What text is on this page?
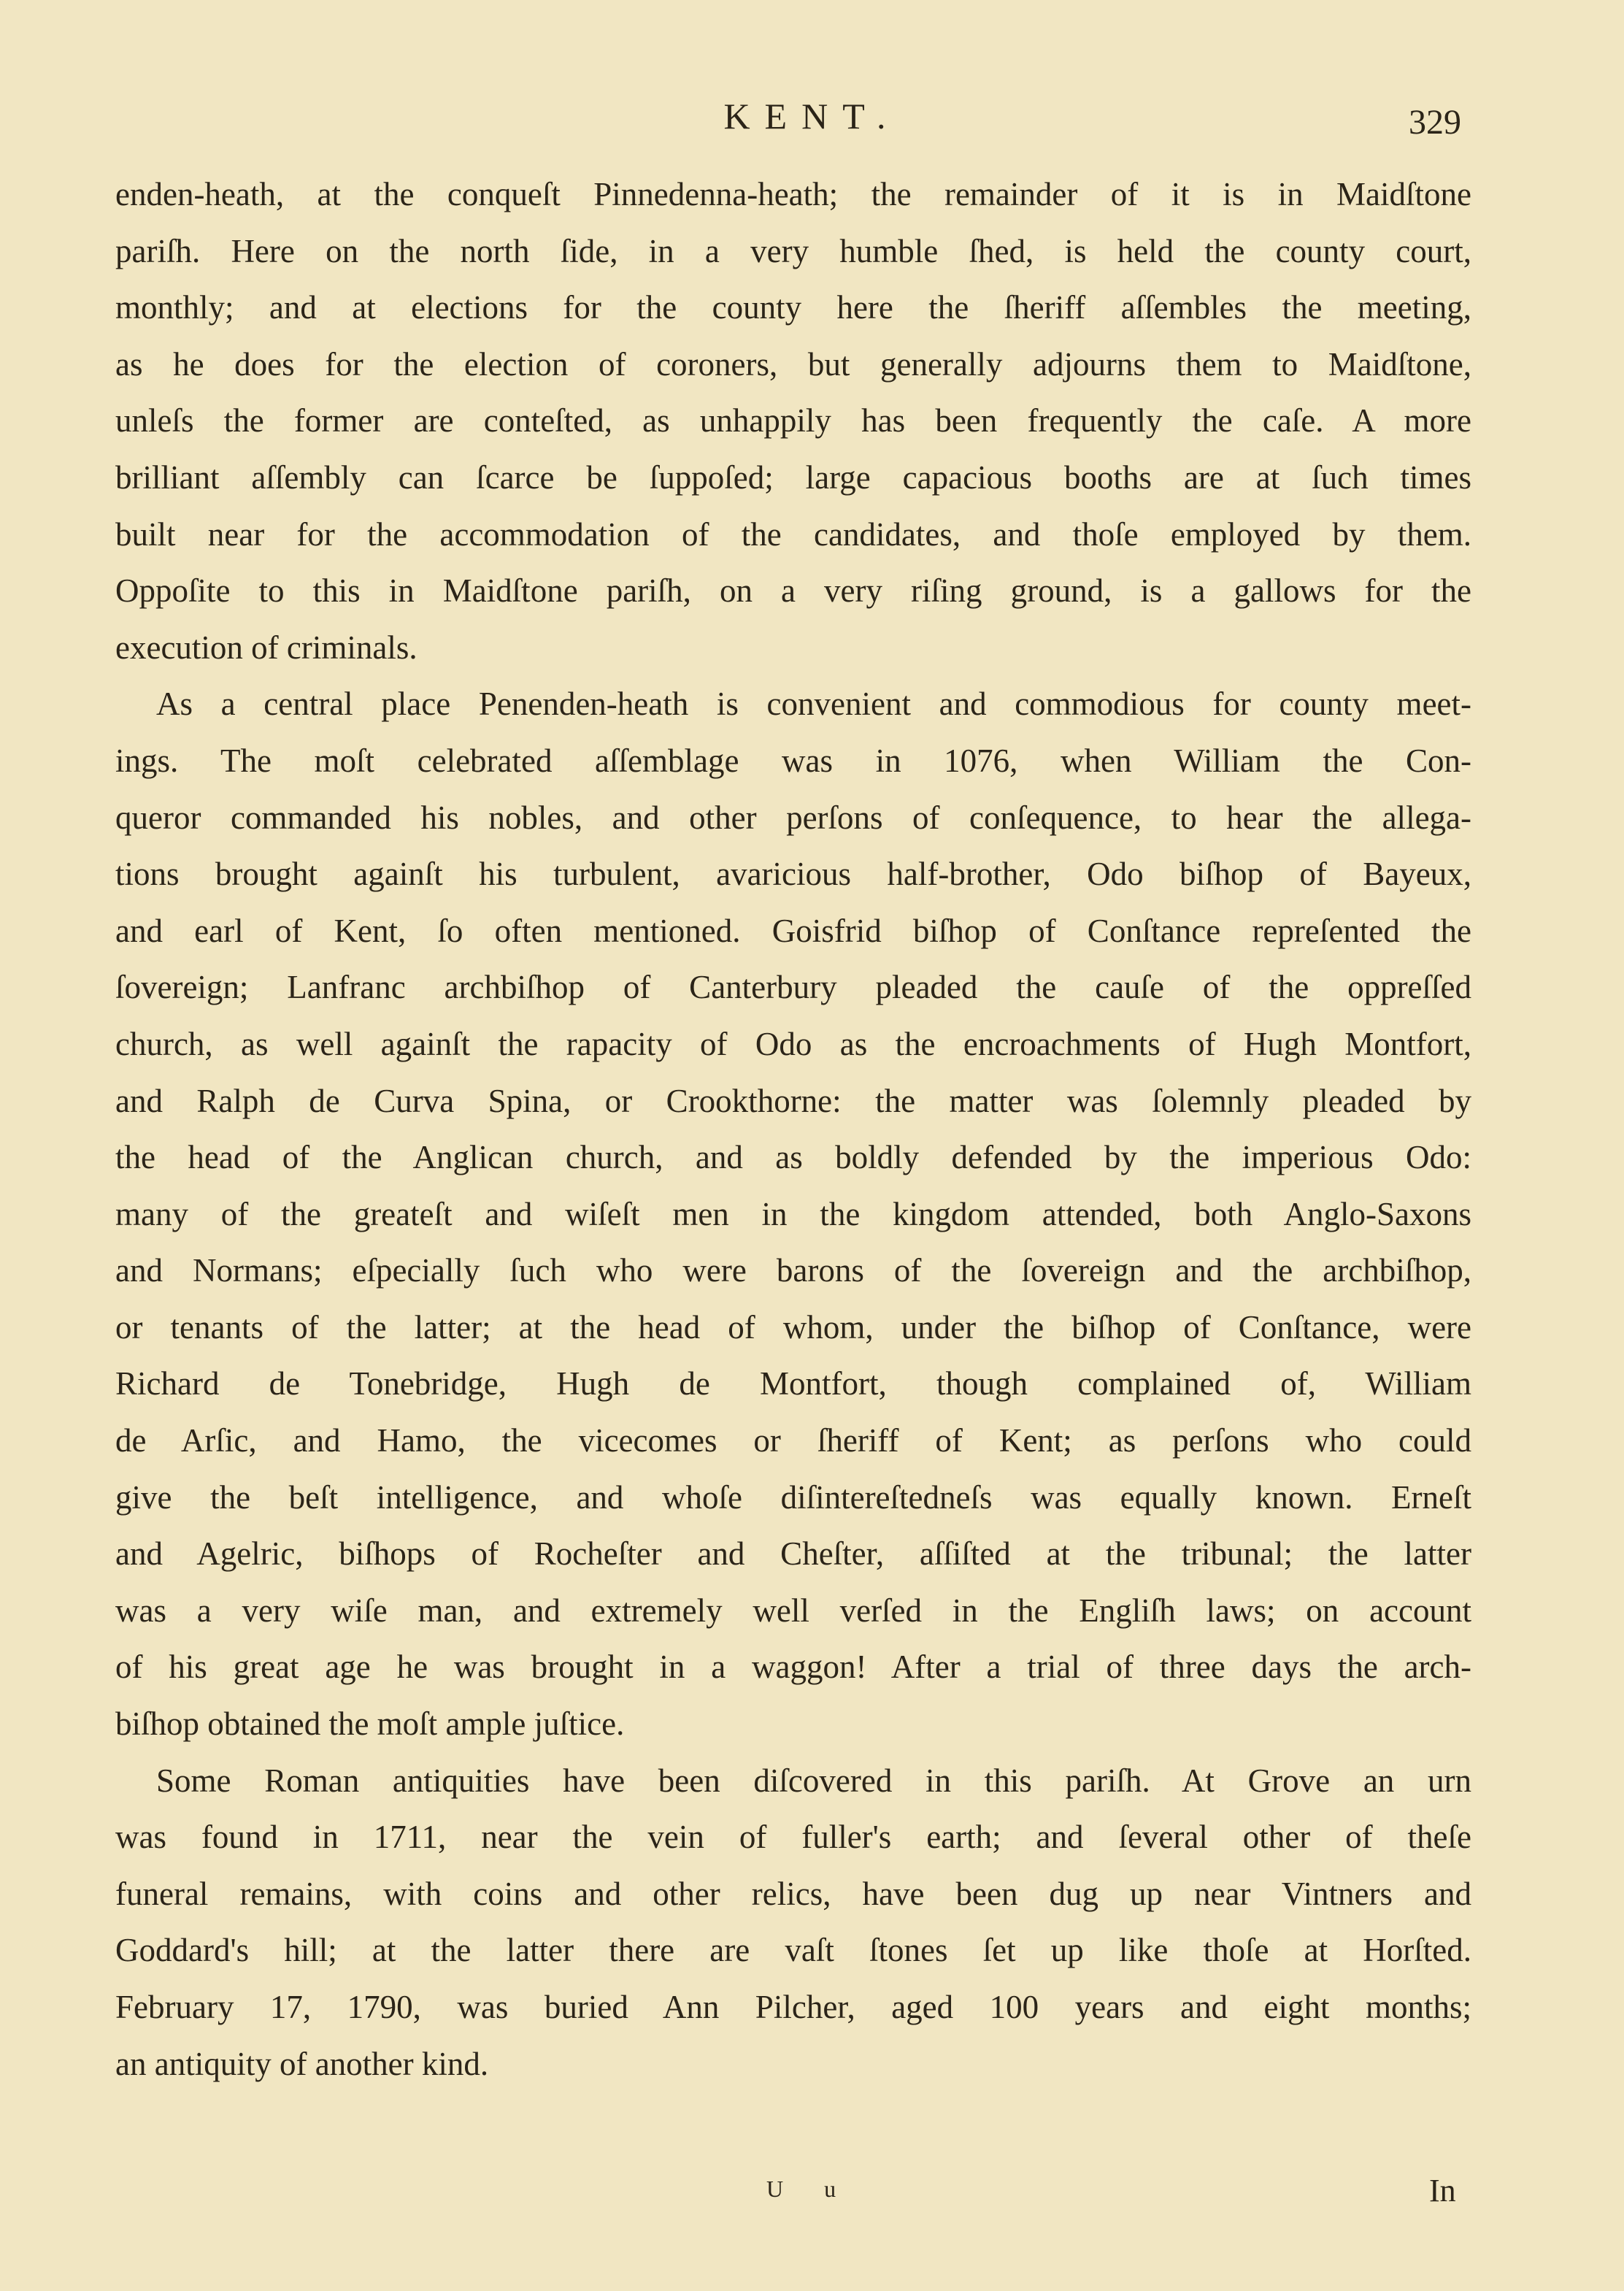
KENT.	329
enden-heath, at the conqueſt Pinnedenna-heath; the remainder of it is in Maidſtone
pariſh. Here on the north ſide, in a very humble ſhed, is held the county court,
monthly; and at elections for the county here the ſheriff aſſembles the meeting,
as he does for the election of coroners, but generally adjourns them to Maidſtone,
unleſs the former are conteſted, as unhappily has been frequently the caſe. A more
brilliant aſſembly can ſcarce be ſuppoſed; large capacious booths are at ſuch times
built near for the accommodation of the candidates, and thoſe employed by them.
Oppoſite to this in Maidſtone pariſh, on a very riſing ground, is a gallows for the
execution of criminals.
As a central place Penenden-heath is convenient and commodious for county meet-
ings. The moſt celebrated aſſemblage was in 1076, when William the Con-
queror commanded his nobles, and other perſons of conſequence, to hear the allega-
tions brought againſt his turbulent, avaricious half-brother, Odo biſhop of Bayeux,
and earl of Kent, ſo often mentioned. Goisfrid biſhop of Conſtance repreſented the
ſovereign; Lanfranc archbiſhop of Canterbury pleaded the cauſe of the oppreſſed
church, as well againſt the rapacity of Odo as the encroachments of Hugh Montfort,
and Ralph de Curva Spina, or Crookthorne: the matter was ſolemnly pleaded by
the head of the Anglican church, and as boldly defended by the imperious Odo:
many of the greateſt and wiſeſt men in the kingdom attended, both Anglo-Saxons
and Normans; eſpecially ſuch who were barons of the ſovereign and the archbiſhop,
or tenants of the latter; at the head of whom, under the biſhop of Conſtance, were
Richard de Tonebridge, Hugh de Montfort, though complained of, William
de Arſic, and Hamo, the vicecomes or ſheriff of Kent; as perſons who could
give the beſt intelligence, and whoſe diſintereſtedneſs was equally known. Erneſt
and Agelric, biſhops of Rocheſter and Cheſter, aſſiſted at the tribunal; the latter
was a very wiſe man, and extremely well verſed in the Engliſh laws; on account
of his great age he was brought in a waggon! After a trial of three days the arch-
biſhop obtained the moſt ample juſtice.
Some Roman antiquities have been diſcovered in this pariſh. At Grove an urn
was found in 1711, near the vein of fuller's earth; and ſeveral other of theſe
funeral remains, with coins and other relics, have been dug up near Vintners and
Goddard's hill; at the latter there are vaſt ſtones ſet up like thoſe at Horſted.
February 17, 1790, was buried Ann Pilcher, aged 100 years and eight months;
an antiquity of another kind.
U u	In
